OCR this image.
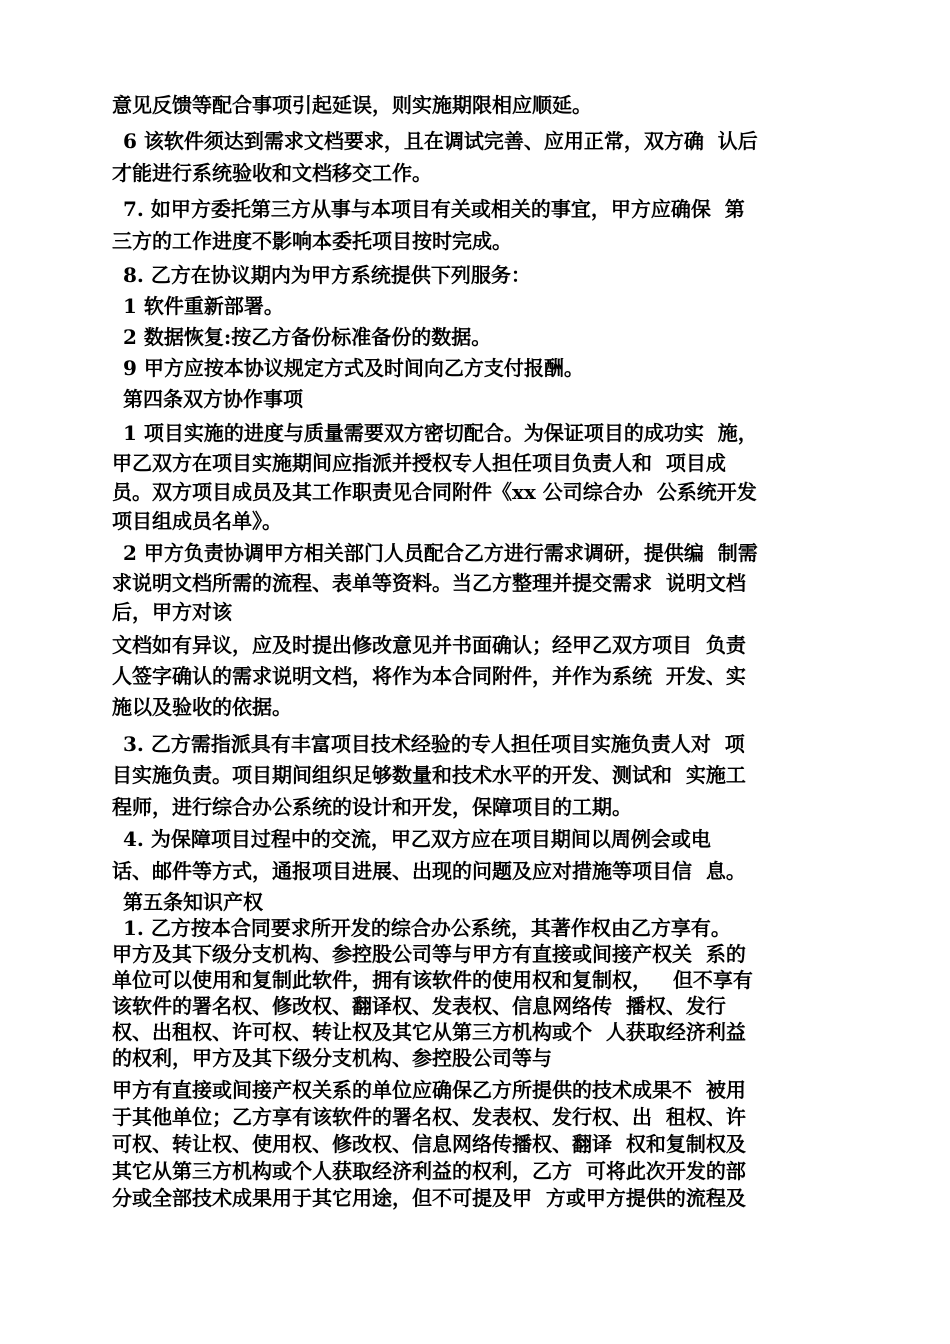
意见反馈等配合事项引起延误，则实施期限相应顺延。
6 该软件须达到需求文档要求，且在调试完善、应用正常，双方确  认后
才能进行系统验收和文档移交工作。
7. 如甲方委托第三方从事与本项目有关或相关的事宜，甲方应确保  第
三方的工作进度不影响本委托项目按时完成。
8. 乙方在协议期内为甲方系统提供下列服务：
1 软件重新部署。
2 数据恢复:按乙方备份标准备份的数据。
9 甲方应按本协议规定方式及时间向乙方支付报酬。
第四条双方协作事项
1 项目实施的进度与质量需要双方密切配合。为保证项目的成功实  施，
甲乙双方在项目实施期间应指派并授权专人担任项目负责人和  项目成
员。双方项目成员及其工作职责见合同附件《xx 公司综合办  公系统开发
项目组成员名单》。
2 甲方负责协调甲方相关部门人员配合乙方进行需求调研，提供编  制需
求说明文档所需的流程、表单等资料。当乙方整理并提交需求  说明文档
后，甲方对该
文档如有异议，应及时提出修改意见并书面确认；经甲乙双方项目  负责
人签字确认的需求说明文档，将作为本合同附件，并作为系统  开发、实
施以及验收的依据。
3. 乙方需指派具有丰富项目技术经验的专人担任项目实施负责人对  项
目实施负责。项目期间组织足够数量和技术水平的开发、测试和  实施工
程师，进行综合办公系统的设计和开发，保障项目的工期。
4. 为保障项目过程中的交流，甲乙双方应在项目期间以周例会或电
话、邮件等方式，通报项目进展、出现的问题及应对措施等项目信  息。
第五条知识产权
1. 乙方按本合同要求所开发的综合办公系统，其著作权由乙方享有。
甲方及其下级分支机构、参控股公司等与甲方有直接或间接产权关  系的
单位可以使用和复制此软件，拥有该软件的使用权和复制权，   但不享有
该软件的署名权、修改权、翻译权、发表权、信息网络传  播权、发行
权、出租权、许可权、转让权及其它从第三方机构或个  人获取经济利益
的权利，甲方及其下级分支机构、参控股公司等与
甲方有直接或间接产权关系的单位应确保乙方所提供的技术成果不  被用
于其他单位；乙方享有该软件的署名权、发表权、发行权、出  租权、许
可权、转让权、使用权、修改权、信息网络传播权、翻译  权和复制权及
其它从第三方机构或个人获取经济利益的权利，乙方  可将此次开发的部
分或全部技术成果用于其它用途，但不可提及甲  方或甲方提供的流程及
